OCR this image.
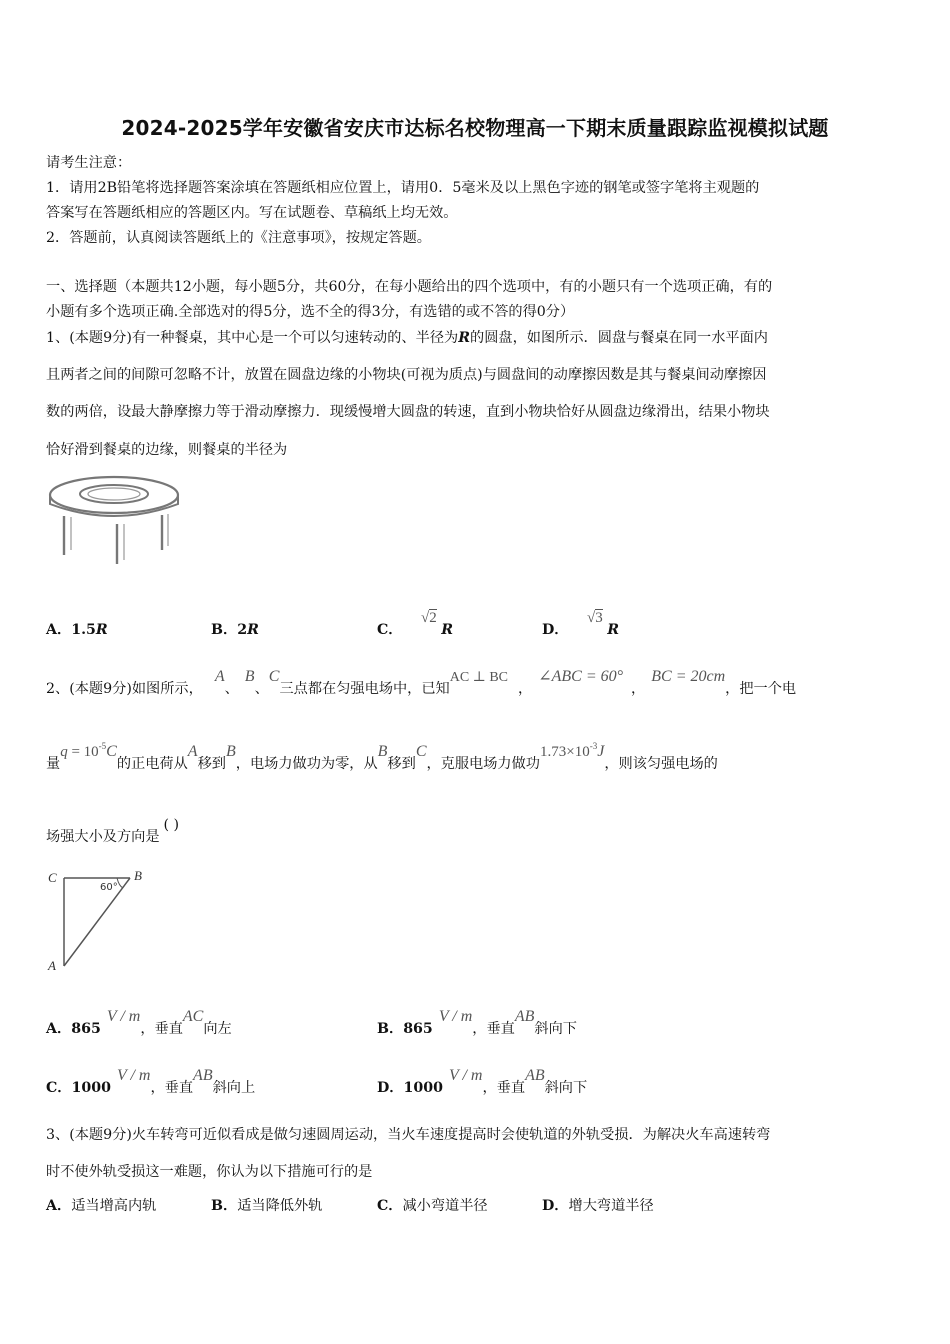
2024-2025学年安徽省安庆市达标名校物理高一下期末质量跟踪监视模拟试题
请考生注意：
1．请用2B铅笔将选择题答案涂填在答题纸相应位置上，请用0．5毫米及以上黑色字迹的钢笔或签字笔将主观题的
答案写在答题纸相应的答题区内。写在试题卷、草稿纸上均无效。
2．答题前，认真阅读答题纸上的《注意事项》，按规定答题。
一、选择题（本题共12小题，每小题5分，共60分，在每小题给出的四个选项中，有的小题只有一个选项正确，有的
小题有多个选项正确.全部选对的得5分，选不全的得3分，有选错的或不答的得0分）
1、(本题9分)有一种餐桌，其中心是一个可以匀速转动的、半径为R的圆盘，如图所示．圆盘与餐桌在同一水平面内
且两者之间的间隙可忽略不计，放置在圆盘边缘的小物块(可视为质点)与圆盘间的动摩擦因数是其与餐桌间动摩擦因
数的两倍，设最大静摩擦力等于滑动摩擦力．现缓慢增大圆盘的转速，直到小物块恰好从圆盘边缘滑出，结果小物块
恰好滑到餐桌的边缘，则餐桌的半径为
A．1.5R	B．2R	C． √2 R	D． √3 R
2、(本题9分)如图所示，A、B、C三点都在匀强电场中，已知AC ⊥ BC，∠ABC = 60°，BC = 20cm，把一个电
量$q = 10^{-5}C$的正电荷从A移到B，电场力做功为零，从B移到C，克服电场力做功$1.73\times 10^{-3}J$，则该匀强电场的
场强大小及方向是( )
C	B
A
60°
A．865V / m，垂直AC向左	B．865V / m，垂直AB斜向下
C．1000V / m，垂直AB斜向上	D．1000V / m，垂直AB斜向下
3、(本题9分)火车转弯可近似看成是做匀速圆周运动，当火车速度提高时会使轨道的外轨受损．为解决火车高速转弯
时不使外轨受损这一难题，你认为以下措施可行的是
A．适当增高内轨	B．适当降低外轨	C．减小弯道半径	D．增大弯道半径
